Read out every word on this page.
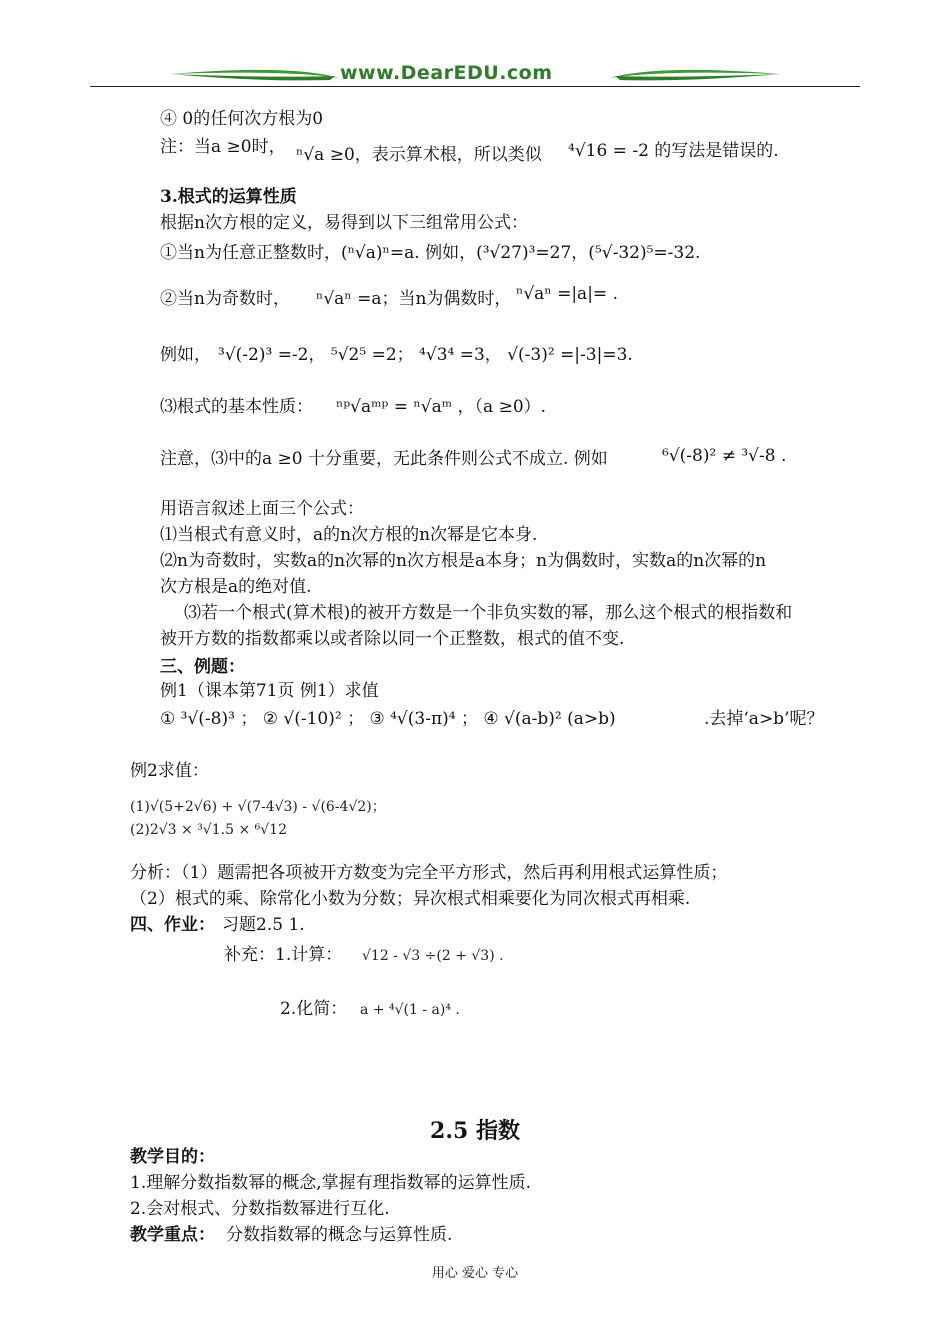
www.DearEDU.com
④ 0的任何次方根为0
注：当a ≥0时， ⁿ√a ≥0，表示算术根，所以类似 ⁴√16 = -2 的写法是错误的.
3.根式的运算性质
根据n次方根的定义，易得到以下三组常用公式：
①当n为任意正整数时，(ⁿ√a)ⁿ=a. 例如，(³√27)³=27，(⁵√-32)⁵=-32.
②当n为奇数时， ⁿ√aⁿ =a；当n为偶数时， ⁿ√aⁿ =|a|= .
例如， ³√(-2)³ =-2， ⁵√2⁵ =2； ⁴√3⁴ =3， √(-3)² =|-3|=3.
⑶根式的基本性质： ⁿᵖ√aᵐᵖ = ⁿ√aᵐ ，（a ≥0）.
注意，⑶中的a ≥0 十分重要，无此条件则公式不成立. 例如	⁶√(-8)² ≠ ³√-8 .
用语言叙述上面三个公式：
⑴当根式有意义时，a的n次方根的n次幂是它本身.
⑵n为奇数时，实数a的n次幂的n次方根是a本身；n为偶数时，实数a的n次幂的n
次方根是a的绝对值.
⑶若一个根式(算术根)的被开方数是一个非负实数的幂，那么这个根式的根指数和
被开方数的指数都乘以或者除以同一个正整数，根式的值不变.
三、例题：
例1（课本第71页 例1）求值
① ³√(-8)³ ； ② √(-10)² ； ③ ⁴√(3-π)⁴ ； ④ √(a-b)² (a>b)	.去掉‘a>b’呢？
例2求值：
(1)√(5+2√6) + √(7-4√3) - √(6-4√2)；
(2)2√3 × ³√1.5 × ⁶√12
分析：（1）题需把各项被开方数变为完全平方形式，然后再利用根式运算性质；
（2）根式的乘、除常化小数为分数；异次根式相乘要化为同次根式再相乘.
四、作业： 习题2.5 1.
补充：1.计算： √12 - √3 ÷(2 + √3) .
2.化简： a + ⁴√(1 - a)⁴ .
2.5 指数
教学目的：
1.理解分数指数幂的概念,掌握有理指数幂的运算性质.
2.会对根式、分数指数幂进行互化.
教学重点： 分数指数幂的概念与运算性质.
用心 爱心 专心
